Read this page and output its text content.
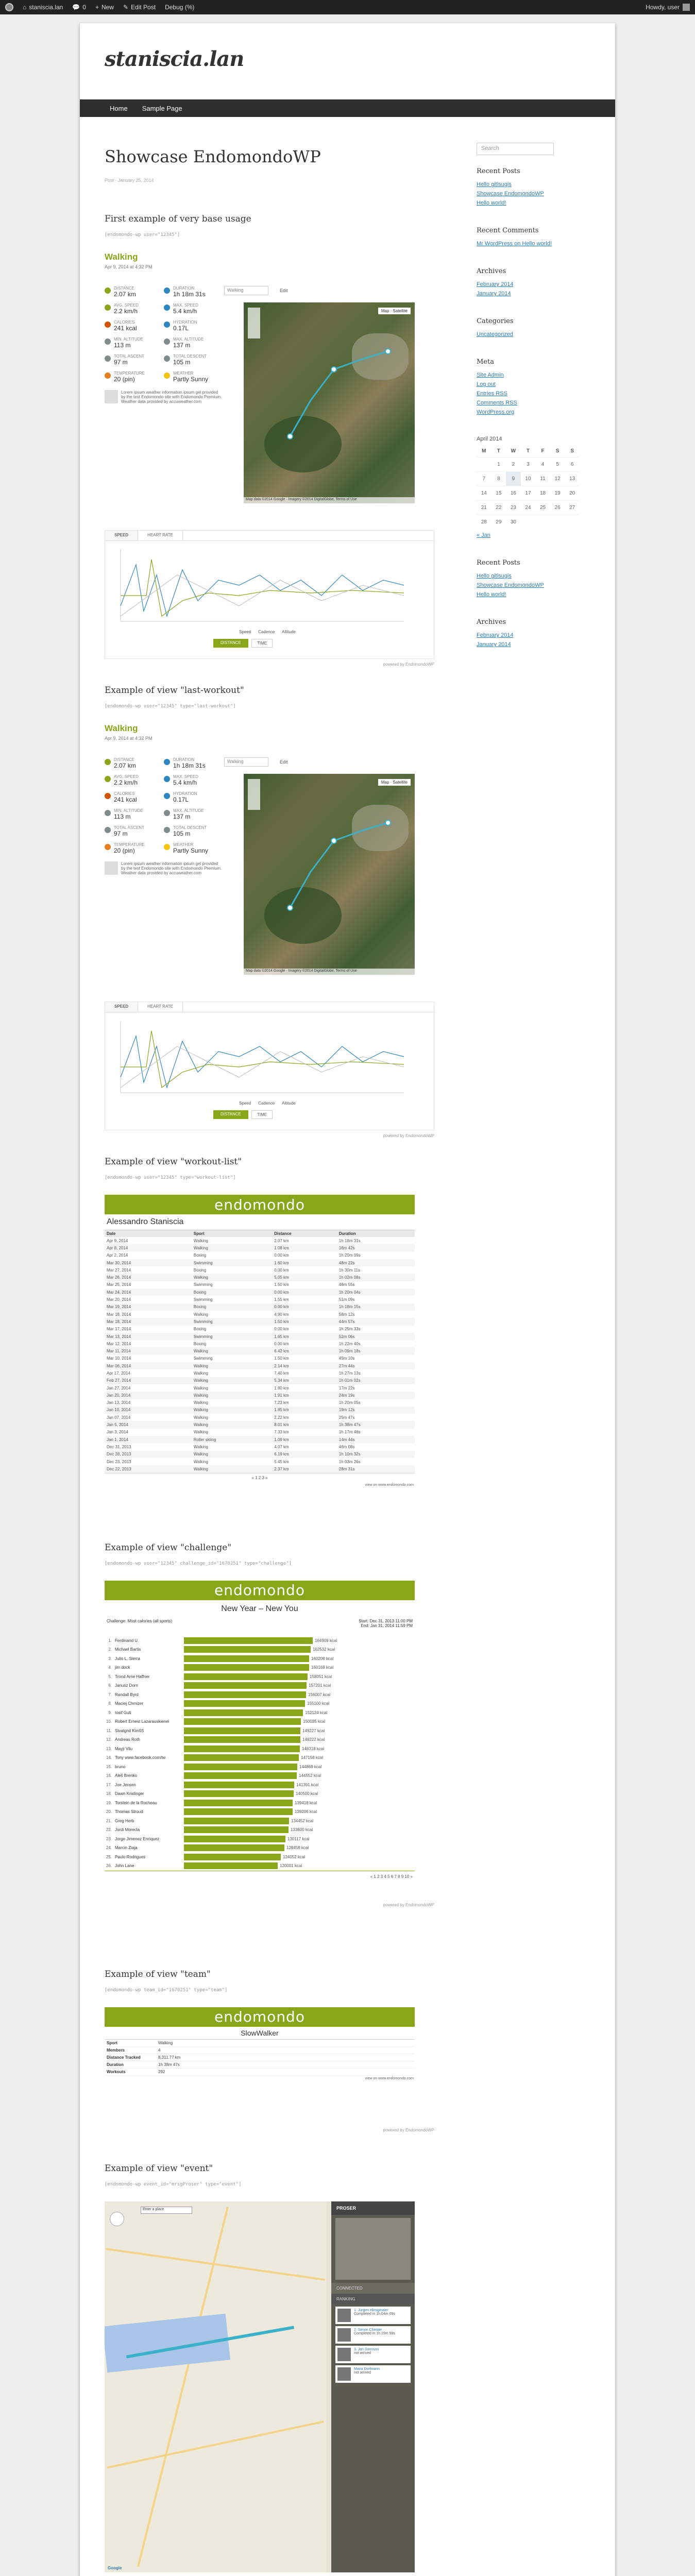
⌂ staniscia.lan 💬 0 + New ✎ Edit Post Debug (%)	Howdy, user
staniscia.lan
Home	Sample Page
Search
Showcase EndomondoWP
Post · January 25, 2014
First example of very base usage
[endomondo-wp user="12345"]
Walking
Apr 9, 2014 at 4:32 PM
Walking	Edit
DISTANCE
2.07 km
DURATION
1h 18m 31s
AVG. SPEED
2.2 km/h
MAX. SPEED
5.4 km/h
CALORIES
241 kcal
HYDRATION
0.17L
MIN. ALTITUDE
113 m
MAX. ALTITUDE
137 m
TOTAL ASCENT
97 m
TOTAL DESCENT
105 m
TEMPERATURE
20 (pin)
WEATHER
Partly Sunny
Lorem ipsum weather information ipsum gel provided by the test Endomondo site with Endomondo Premium. Weather data provided by accuweather.com
Map · Satellite
Map data ©2014 Google · Imagery ©2014 DigitalGlobe, Terms of Use
SPEED	HEART RATE
Speed Cadence Altitude
DISTANCE	TIME
powered by EndomondoWP
Example of view "last-workout"
[endomondo-wp user="12345" type="last-workout"]
Walking
Apr 9, 2014 at 4:32 PM
Walking	Edit
DISTANCE
2.07 km
DURATION
1h 18m 31s
AVG. SPEED
2.2 km/h
MAX. SPEED
5.4 km/h
CALORIES
241 kcal
HYDRATION
0.17L
MIN. ALTITUDE
113 m
MAX. ALTITUDE
137 m
TOTAL ASCENT
97 m
TOTAL DESCENT
105 m
TEMPERATURE
20 (pin)
WEATHER
Partly Sunny
Lorem ipsum weather information ipsum gel provided by the test Endomondo site with Endomondo Premium. Weather data provided by accuweather.com
Map · Satellite
Map data ©2014 Google · Imagery ©2014 DigitalGlobe, Terms of Use
SPEED	HEART RATE
Speed Cadence Altitude
DISTANCE	TIME
powered by EndomondoWP
Example of view "workout-list"
[endomondo-wp user="12345" type="workout-list"]
endomondo
Alessandro Staniscia
Date	Sport	Distance	Duration
Apr 9, 2014	Walking	2.07 km	1h 18m 31s
Apr 8, 2014	Walking	1.08 km	16m 42s
Apr 2, 2014	Boxing	0.00 km	1h 20m 09s
Mar 30, 2014	Swimming	1.60 km	48m 22s
Mar 27, 2014	Boxing	0.00 km	1h 30m 11s
Mar 26, 2014	Walking	5.05 km	1h 02m 08s
Mar 25, 2014	Swimming	1.50 km	46m 55s
Mar 24, 2014	Boxing	0.00 km	1h 20m 04s
Mar 20, 2014	Swimming	1.55 km	51m 09s
Mar 19, 2014	Boxing	0.00 km	1h 18m 15s
Mar 18, 2014	Walking	4.90 km	58m 12s
Mar 18, 2014	Swimming	1.50 km	44m 57s
Mar 17, 2014	Boxing	0.00 km	1h 25m 33s
Mar 13, 2014	Swimming	1.65 km	52m 06s
Mar 12, 2014	Boxing	0.00 km	1h 22m 40s
Mar 11, 2014	Walking	6.42 km	1h 09m 18s
Mar 10, 2014	Swimming	1.50 km	45m 10s
Mar 06, 2014	Walking	2.14 km	27m 44s
Apr 17, 2014	Walking	7.40 km	1h 27m 13s
Feb 27, 2014	Walking	5.34 km	1h 01m 02s
Jan 27, 2014	Walking	1.80 km	17m 22s
Jan 20, 2014	Walking	1.91 km	24m 19s
Jan 13, 2014	Walking	7.23 km	1h 20m 05s
Jan 10, 2014	Walking	1.85 km	19m 12s
Jan 07, 2014	Walking	2.22 km	25m 47s
Jan 5, 2014	Walking	8.01 km	1h 38m 47s
Jan 3, 2014	Walking	7.33 km	1h 17m 46s
Jan 1, 2014	Roller skiing	1.09 km	14m 44s
Dec 31, 2013	Walking	4.07 km	46m 08s
Dec 28, 2013	Walking	6.19 km	1h 10m 32s
Dec 23, 2013	Walking	5.45 km	1h 03m 26s
Dec 22, 2013	Walking	2.37 km	28m 31s
« 1 2 3 »
view on www.endomondo.com
Example of view "challenge"
[endomondo-wp user="12345" challenge_id="1670251" type="challenge"]
endomondo
New Year – New You
Challenge: Most calories (all sports)	Start: Dec 31, 2013 11:00 PM
End: Jan 31, 2014 11:59 PM
1. Ferdinand U.	164909 kcal
2. Michael Bartis	162532 kcal
3. Julio L. Sierra	160208 kcal
4. jim dock	160169 kcal
5. Trond Arne Haffner	158051 kcal
6. Janusz Dorn	157201 kcal
7. Randall Byrd	156007 kcal
8. Maciej Chmizer	155100 kcal
9. Iosif Guti	152124 kcal
10. Robert Ernest Lazarauskienei	150035 kcal
11. Stvalgnd Kim55	149227 kcal
12. Andreas Roth	149222 kcal
13. Mayji Vilu	148318 kcal
14. Tony www.facebook.com/tw	147158 kcal
15. bruno	144869 kcal
16. Aleš Brenko	144552 kcal
17. Joe Jensen	141391 kcal
18. Dawn Kristinger	140500 kcal
19. Torstein de la Rocheau	139418 kcal
20. Thomas Stroud	139206 kcal
21. Greg Herb	134452 kcal
22. Jordi Morecla	133600 kcal
23. Jorge Jimenez Enríquez	130117 kcal
24. Marcin Ziaja	128458 kcal
25. Paulo Rodrigues	124052 kcal
26. John Lane	120001 kcal
« 1 2 3 4 5 6 7 8 9 10 »
powered by EndomondoWP
Example of view "team"
[endomondo-wp team_id="1670251" type="team"]
endomondo
SlowWalker
Sport	Walking
Members	4
Distance Tracked	8,311.77 km
Duration	1h 38m 47s
Workouts	292
view on www.endomondo.com
powered by EndomondoWP
Example of view "event"
[endomondo-wp event_id="mrsgProser" type="event"]
Enter a place
Google
PROSER
CONNECTED
RANKING
1. Jürgen Hinsgmaier
Completed in 1h 04m 09s
2. Simon Chester
Completed in 1h 19m 58s
3. Jan Svenson
not arrived
Maria Dorfmann
not arrived
Recent Posts
Hello gitlsugis
Showcase EndomondoWP
Hello world!
Recent Comments
Mr WordPress on Hello world!
Archives
February 2014
January 2014
Categories
Uncategorized
Meta
Site Admin
Log out
Entries RSS
Comments RSS
WordPress.org
April 2014
M	T	W	T	F	S	S
	1	2	3	4	5	6
7	8	9	10	11	12	13
14	15	16	17	18	19	20
21	22	23	24	25	26	27
28	29	30				
« Jan
Recent Posts
Hello gitlsugis
Showcase EndomondoWP
Hello world!
Archives
February 2014
January 2014
